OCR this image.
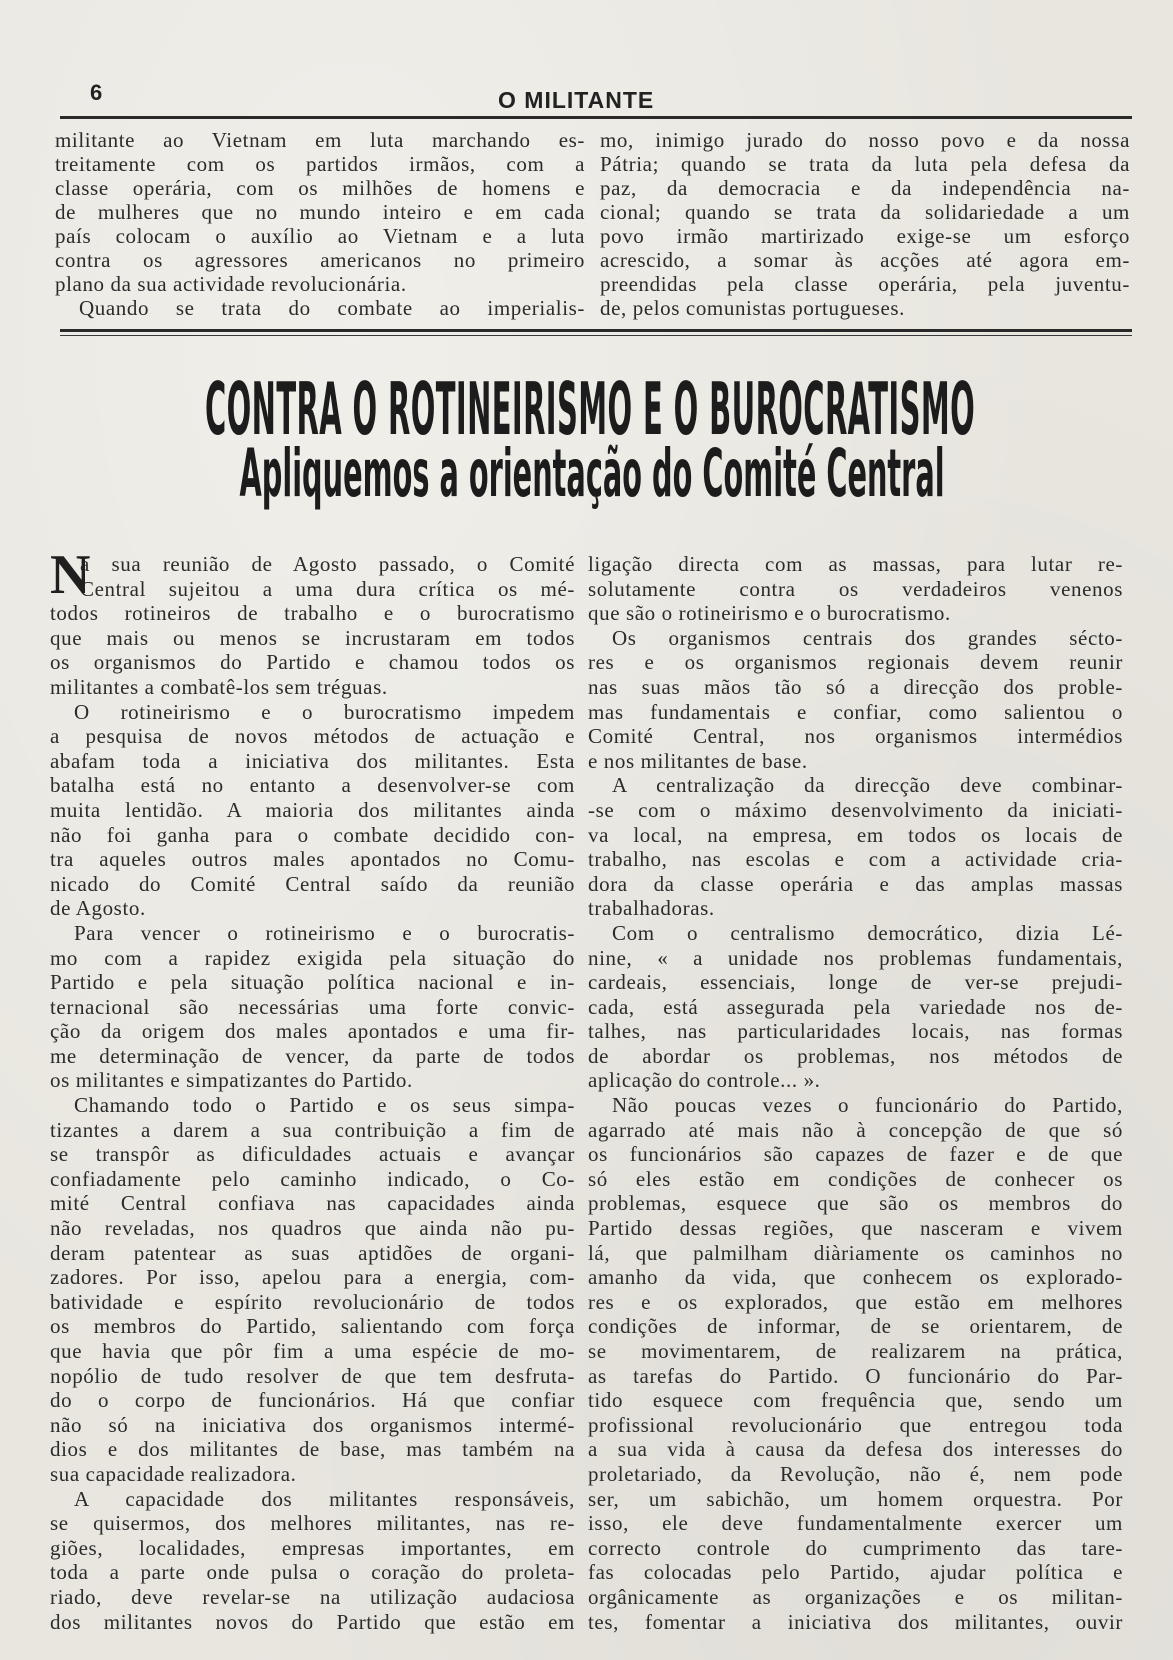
6	O MILITANTE
militante ao Vietnam em luta marchando es-
treitamente com os partidos irmãos, com a
classe operária, com os milhões de homens e
de mulheres que no mundo inteiro e em cada
país colocam o auxílio ao Vietnam e a luta
contra os agressores americanos no primeiro
plano da sua actividade revolucionária.
Quando se trata do combate ao imperialis-
mo, inimigo jurado do nosso povo e da nossa
Pátria; quando se trata da luta pela defesa da
paz, da democracia e da independência na-
cional; quando se trata da solidariedade a um
povo irmão martirizado exige-se um esforço
acrescido, a somar às acções até agora em-
preendidas pela classe operária, pela juventu-
de, pelos comunistas portugueses.
CONTRA O ROTINEIRISMO E O BUROCRATISMO
Apliquemos a orientação do Comité Central
N
a sua reunião de Agosto passado, o Comité
Central sujeitou a uma dura crítica os mé-
todos rotineiros de trabalho e o burocratismo
que mais ou menos se incrustaram em todos
os organismos do Partido e chamou todos os
militantes a combatê-los sem tréguas.
O rotineirismo e o burocratismo impedem
a pesquisa de novos métodos de actuação e
abafam toda a iniciativa dos militantes. Esta
batalha está no entanto a desenvolver-se com
muita lentidão. A maioria dos militantes ainda
não foi ganha para o combate decidido con-
tra aqueles outros males apontados no Comu-
nicado do Comité Central saído da reunião
de Agosto.
Para vencer o rotineirismo e o burocratis-
mo com a rapidez exigida pela situação do
Partido e pela situação política nacional e in-
ternacional são necessárias uma forte convic-
ção da origem dos males apontados e uma fir-
me determinação de vencer, da parte de todos
os militantes e simpatizantes do Partido.
Chamando todo o Partido e os seus simpa-
tizantes a darem a sua contribuição a fim de
se transpôr as dificuldades actuais e avançar
confiadamente pelo caminho indicado, o Co-
mité Central confiava nas capacidades ainda
não reveladas, nos quadros que ainda não pu-
deram patentear as suas aptidões de organi-
zadores. Por isso, apelou para a energia, com-
batividade e espírito revolucionário de todos
os membros do Partido, salientando com força
que havia que pôr fim a uma espécie de mo-
nopólio de tudo resolver de que tem desfruta-
do o corpo de funcionários. Há que confiar
não só na iniciativa dos organismos intermé-
dios e dos militantes de base, mas também na
sua capacidade realizadora.
A capacidade dos militantes responsáveis,
se quisermos, dos melhores militantes, nas re-
giões, localidades, empresas importantes, em
toda a parte onde pulsa o coração do proleta-
riado, deve revelar-se na utilização audaciosa
dos militantes novos do Partido que estão em
ligação directa com as massas, para lutar re-
solutamente contra os verdadeiros venenos
que são o rotineirismo e o burocratismo.
Os organismos centrais dos grandes sécto-
res e os organismos regionais devem reunir
nas suas mãos tão só a direcção dos proble-
mas fundamentais e confiar, como salientou o
Comité Central, nos organismos intermédios
e nos militantes de base.
A centralização da direcção deve combinar-
-se com o máximo desenvolvimento da iniciati-
va local, na empresa, em todos os locais de
trabalho, nas escolas e com a actividade cria-
dora da classe operária e das amplas massas
trabalhadoras.
Com o centralismo democrático, dizia Lé-
nine, « a unidade nos problemas fundamentais,
cardeais, essenciais, longe de ver-se prejudi-
cada, está assegurada pela variedade nos de-
talhes, nas particularidades locais, nas formas
de abordar os problemas, nos métodos de
aplicação do controle... ».
Não poucas vezes o funcionário do Partido,
agarrado até mais não à concepção de que só
os funcionários são capazes de fazer e de que
só eles estão em condições de conhecer os
problemas, esquece que são os membros do
Partido dessas regiões, que nasceram e vivem
lá, que palmilham diàriamente os caminhos no
amanho da vida, que conhecem os explorado-
res e os explorados, que estão em melhores
condições de informar, de se orientarem, de
se movimentarem, de realizarem na prática,
as tarefas do Partido. O funcionário do Par-
tido esquece com frequência que, sendo um
profissional revolucionário que entregou toda
a sua vida à causa da defesa dos interesses do
proletariado, da Revolução, não é, nem pode
ser, um sabichão, um homem orquestra. Por
isso, ele deve fundamentalmente exercer um
correcto controle do cumprimento das tare-
fas colocadas pelo Partido, ajudar política e
orgânicamente as organizações e os militan-
tes, fomentar a iniciativa dos militantes, ouvir
